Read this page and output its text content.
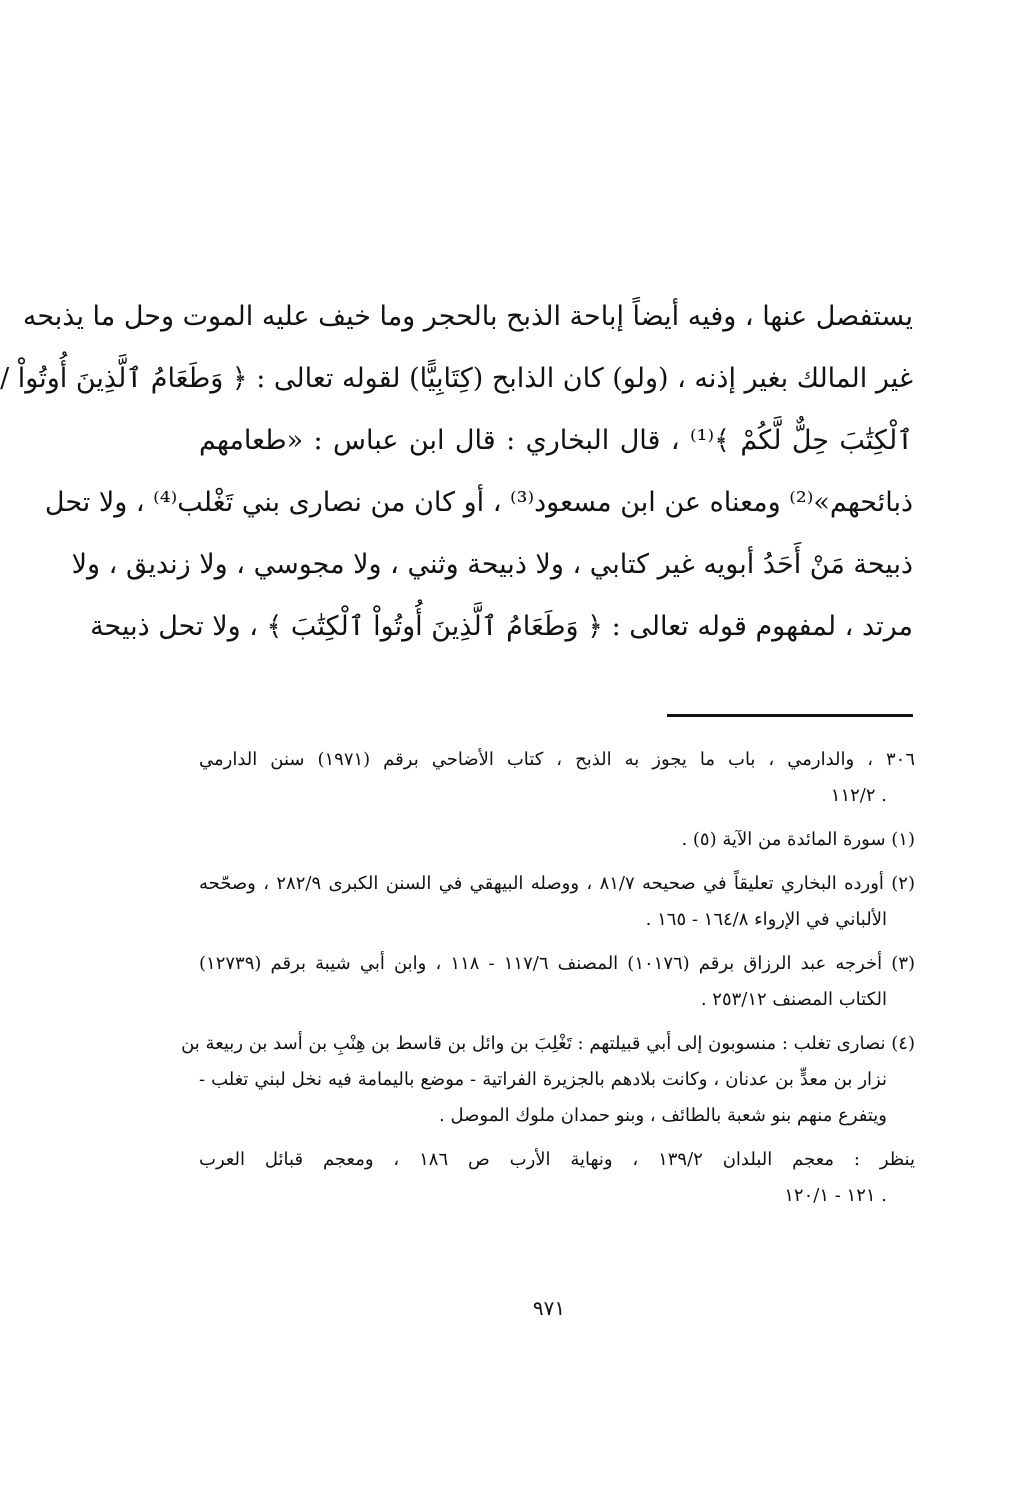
يستفصل عنها ، وفيه أيضاً إباحة الذبح بالحجر وما خيف عليه الموت وحل ما يذبحه
غير المالك بغير إذنه ، (ولو) كان الذابح (كِتَابِيًّا) لقوله تعالى : ﴿ وَطَعَامُ ٱلَّذِينَ أُوتُواْ /
ٱلْكِتَٰبَ حِلٌّ لَّكُمْ ﴾⁽¹⁾ ، قال البخاري : قال ابن عباس : «طعامهم
ذبائحهم»⁽²⁾ ومعناه عن ابن مسعود⁽³⁾ ، أو كان من نصارى بني تَغْلب⁽⁴⁾ ، ولا تحل
ذبيحة مَنْ أَحَدُ أبويه غير كتابي ، ولا ذبيحة وثني ، ولا مجوسي ، ولا زنديق ، ولا
مرتد ، لمفهوم قوله تعالى : ﴿ وَطَعَامُ ٱلَّذِينَ أُوتُواْ ٱلْكِتَٰبَ ﴾ ، ولا تحل ذبيحة
٣٠٦ ، والدارمي ، باب ما يجوز به الذبح ، كتاب الأضاحي برقم (١٩٧١) سنن الدارمي
. ١١٢/٢
(١) سورة المائدة من الآية (٥) .
(٢) أورده البخاري تعليقاً في صحيحه ٨١/٧ ، ووصله البيهقي في السنن الكبرى ٢٨٢/٩ ، وصحّحه
الألباني في الإرواء ١٦٤/٨ - ١٦٥ .
(٣) أخرجه عبد الرزاق برقم (١٠١٧٦) المصنف ١١٧/٦ - ١١٨ ، وابن أبي شيبة برقم (١٢٧٣٩)
الكتاب المصنف ٢٥٣/١٢ .
(٤) نصارى تغلب : منسوبون إلى أبي قبيلتهم : تَغْلِبَ بن وائل بن قاسط بن هِنْبِ بن أسد بن ربيعة بن
نزار بن معدٍّ بن عدنان ، وكانت بلادهم بالجزيرة الفراتية - موضع باليمامة فيه نخل لبني تغلب -
ويتفرع منهم بنو شعبة بالطائف ، وبنو حمدان ملوك الموصل .
ينظر : معجم البلدان ١٣٩/٢ ، ونهاية الأرب ص ١٨٦ ، ومعجم قبائل العرب
. ١٢١ - ١٢٠/١
٩٧١
